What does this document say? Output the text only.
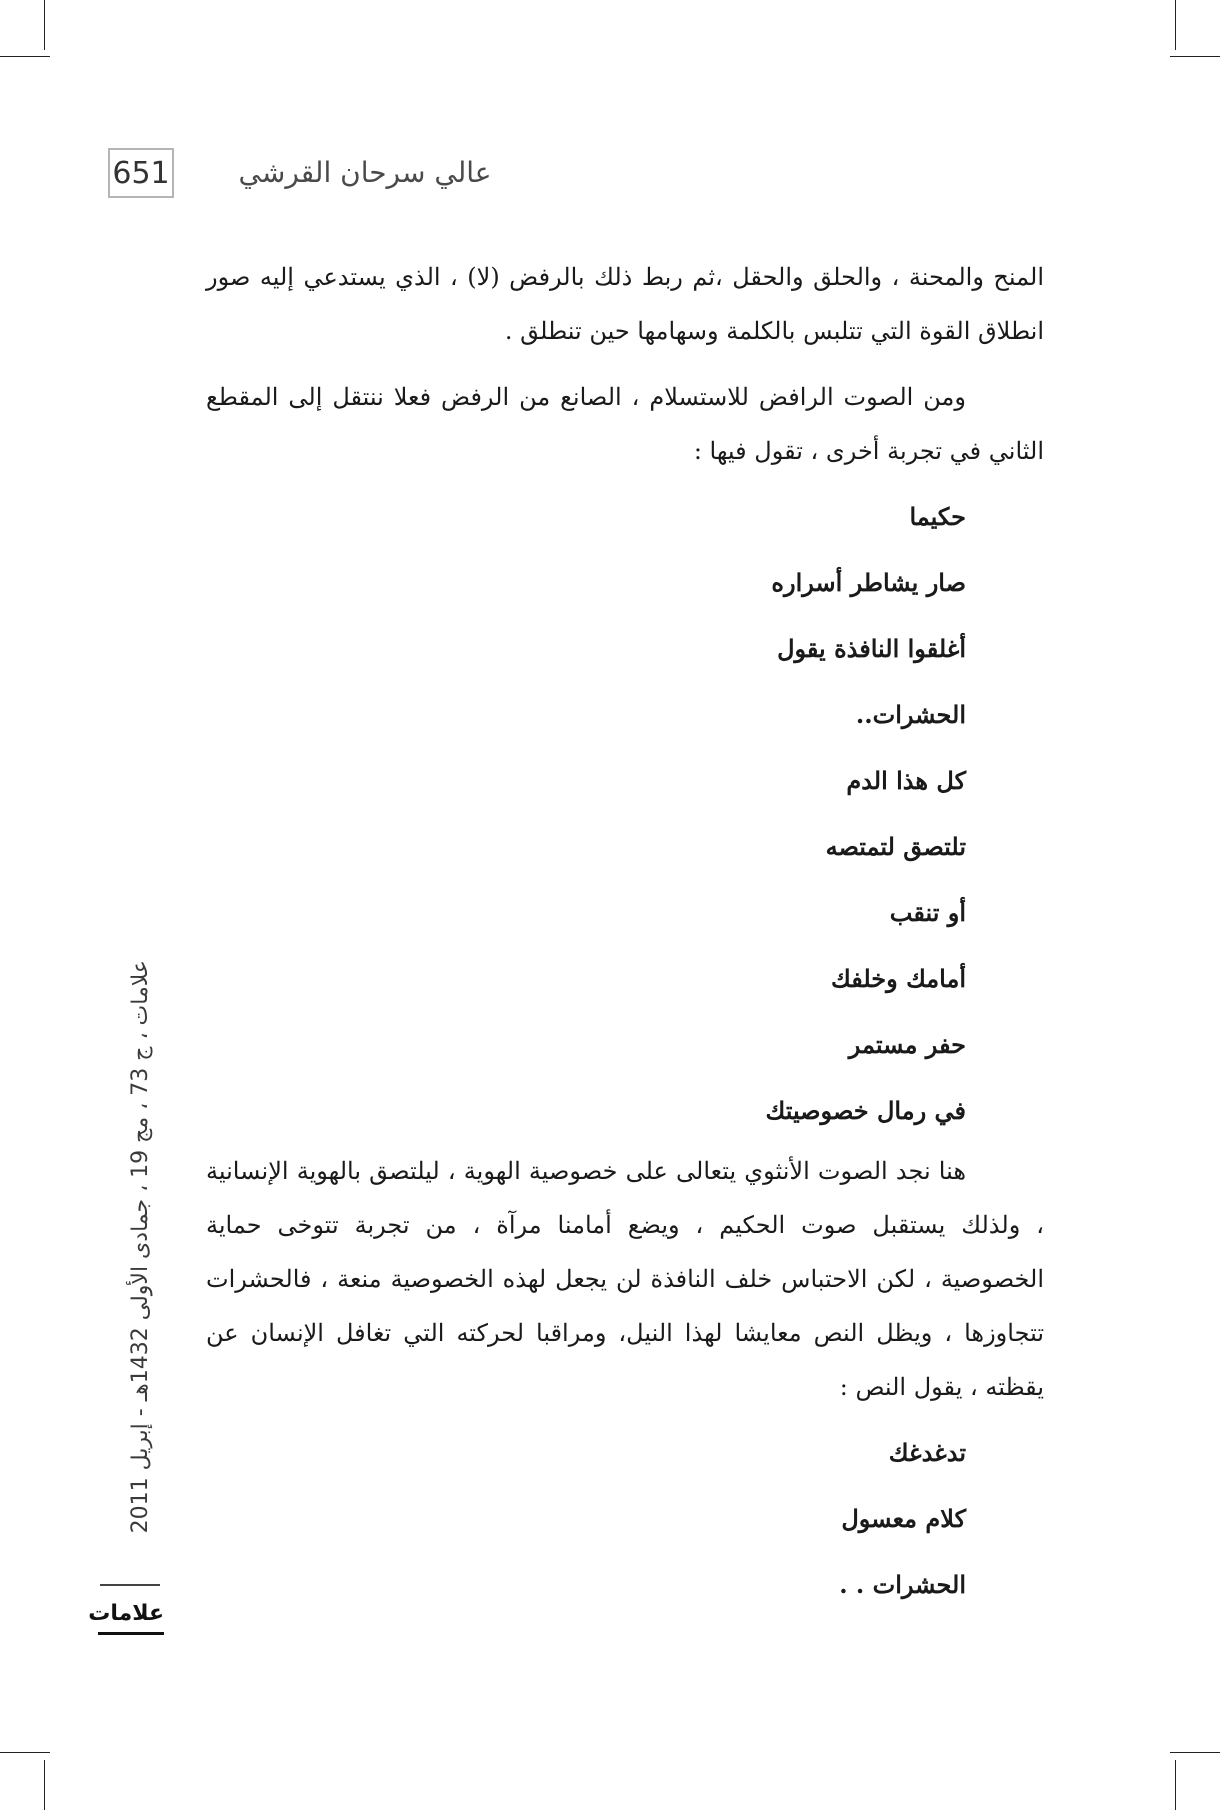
651	عالي سرحان القرشي

المنح والمحنة ، والحلق والحقل ،ثم ربط ذلك بالرفض (لا) ، الذي يستدعي إليه صور انطلاق القوة التي تتلبس بالكلمة وسهامها حين تنطلق .

ومن الصوت الرافض للاستسلام ، الصانع من الرفض فعلا ننتقل إلى المقطع الثاني في تجربة أخرى ، تقول فيها :

حكيما
صار يشاطر أسراره
أغلقوا النافذة يقول
الحشرات..
كل هذا الدم
تلتصق لتمتصه
أو تنقب
أمامك وخلفك
حفر مستمر
في رمال خصوصيتك

هنا نجد الصوت الأنثوي يتعالى على خصوصية الهوية ، ليلتصق بالهوية الإنسانية ، ولذلك يستقبل صوت الحكيم ، ويضع أمامنا مرآة ، من تجربة تتوخى حماية الخصوصية ، لكن الاحتباس خلف النافذة لن يجعل لهذه الخصوصية منعة ، فالحشرات تتجاوزها ، ويظل النص معايشا لهذا النيل، ومراقبا لحركته التي تغافل الإنسان عن يقظته ، يقول النص :

تدغدغك
كلام معسول
الحشرات . .
علامات ، ج 73 ، مج 19 ، جمادى الأولى 1432هـ - إبريل 2011
علامات
